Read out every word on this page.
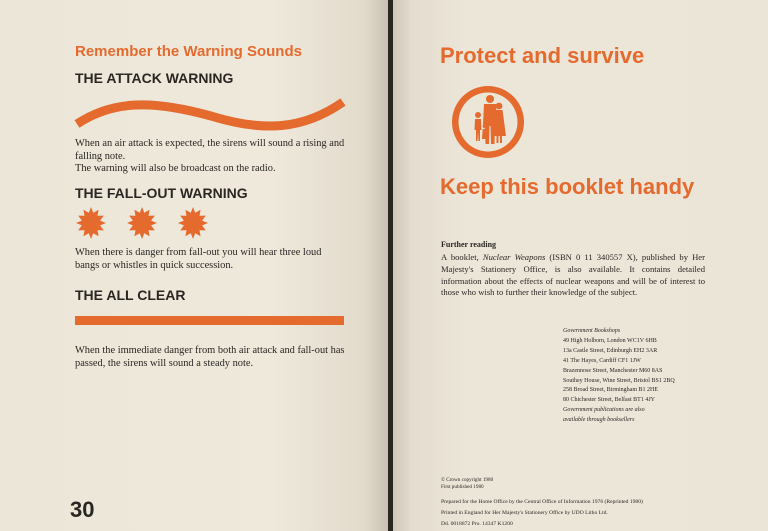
Remember the Warning Sounds
THE ATTACK WARNING
When an air attack is expected, the sirens will sound a rising and falling note.
The warning will also be broadcast on the radio.
THE FALL-OUT WARNING
When there is danger from fall-out you will hear three loud bangs or whistles in quick succession.
THE ALL CLEAR
When the immediate danger from both air attack and fall-out has passed, the sirens will sound a steady note.
30
Protect and survive
Keep this booklet handy
Further reading
A booklet, Nuclear Weapons (ISBN 0 11 340557 X), published by Her Majesty's Stationery Office, is also available. It contains detailed information about the effects of nuclear weapons and will be of interest to those who wish to further their knowledge of the subject.
Government Bookshops
49 High Holborn, London WC1V 6HB
13a Castle Street, Edinburgh EH2 3AR
41 The Hayes, Cardiff CF1 1JW
Brazennose Street, Manchester M60 8AS
Southey House, Wine Street, Bristol BS1 2BQ
258 Broad Street, Birmingham B1 2HE
80 Chichester Street, Belfast BT1 4JY
Government publications are also
available through booksellers
© Crown copyright 1980
First published 1980
Prepared for the Home Office by the Central Office of Information 1976 (Reprinted 1980)
Printed in England for Her Majesty's Stationery Office by UDO Litho Ltd.
Dd. 0018872 Pro. 14347 K1200
